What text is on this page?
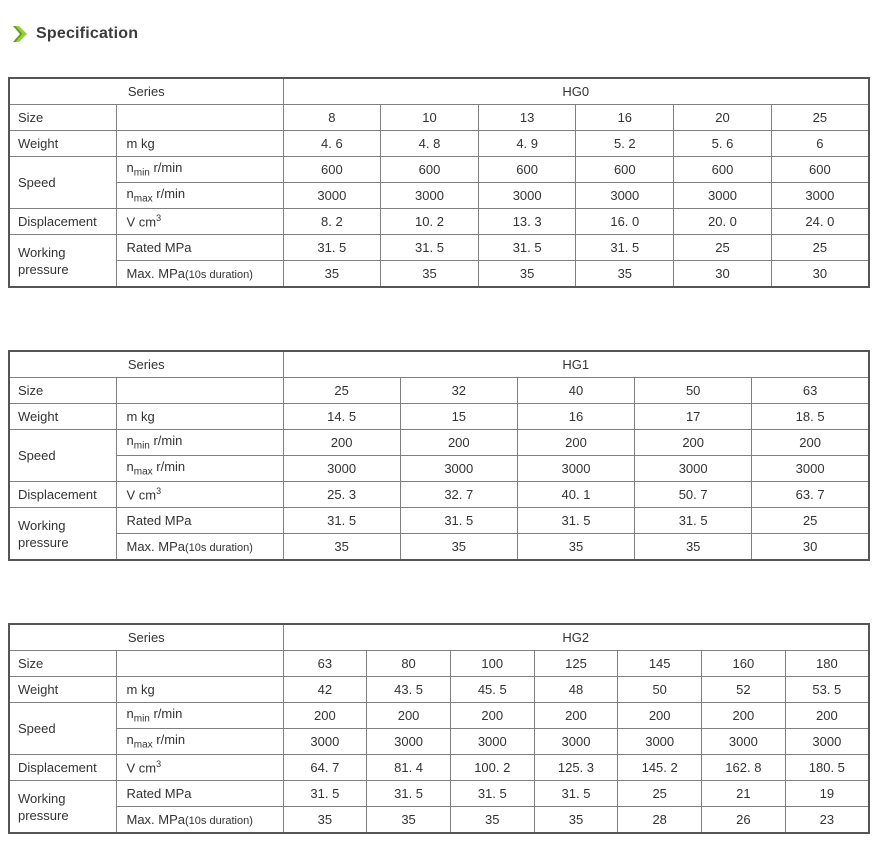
Specification
Series		HG0					
Size		8	10	13	16	20	25
Weight	m kg	4. 6	4. 8	4. 9	5. 2	5. 6	6
Speed	$n_{min}$ r/min	600	600	600	600	600	600
	$n_{max}$ r/min	3000	3000	3000	3000	3000	3000
Displacement	V $cm^3$	8. 2	10. 2	13. 3	16. 0	20. 0	24. 0
Working
pressure	Rated MPa	31. 5	31. 5	31. 5	31. 5	25	25
	Max. MPa(10s duration)	35	35	35	35	30	30
Series		HG1				
Size		25	32	40	50	63
Weight	m kg	14. 5	15	16	17	18. 5
Speed	$n_{min}$ r/min	200	200	200	200	200
	$n_{max}$ r/min	3000	3000	3000	3000	3000
Displacement	V $cm^3$	25. 3	32. 7	40. 1	50. 7	63. 7
Working
pressure	Rated MPa	31. 5	31. 5	31. 5	31. 5	25
	Max. MPa(10s duration)	35	35	35	35	30
Series		HG2						
Size		63	80	100	125	145	160	180
Weight	m kg	42	43. 5	45. 5	48	50	52	53. 5
Speed	$n_{min}$ r/min	200	200	200	200	200	200	200
	$n_{max}$ r/min	3000	3000	3000	3000	3000	3000	3000
Displacement	V $cm^3$	64. 7	81. 4	100. 2	125. 3	145. 2	162. 8	180. 5
Working
pressure	Rated MPa	31. 5	31. 5	31. 5	31. 5	25	21	19
	Max. MPa(10s duration)	35	35	35	35	28	26	23
